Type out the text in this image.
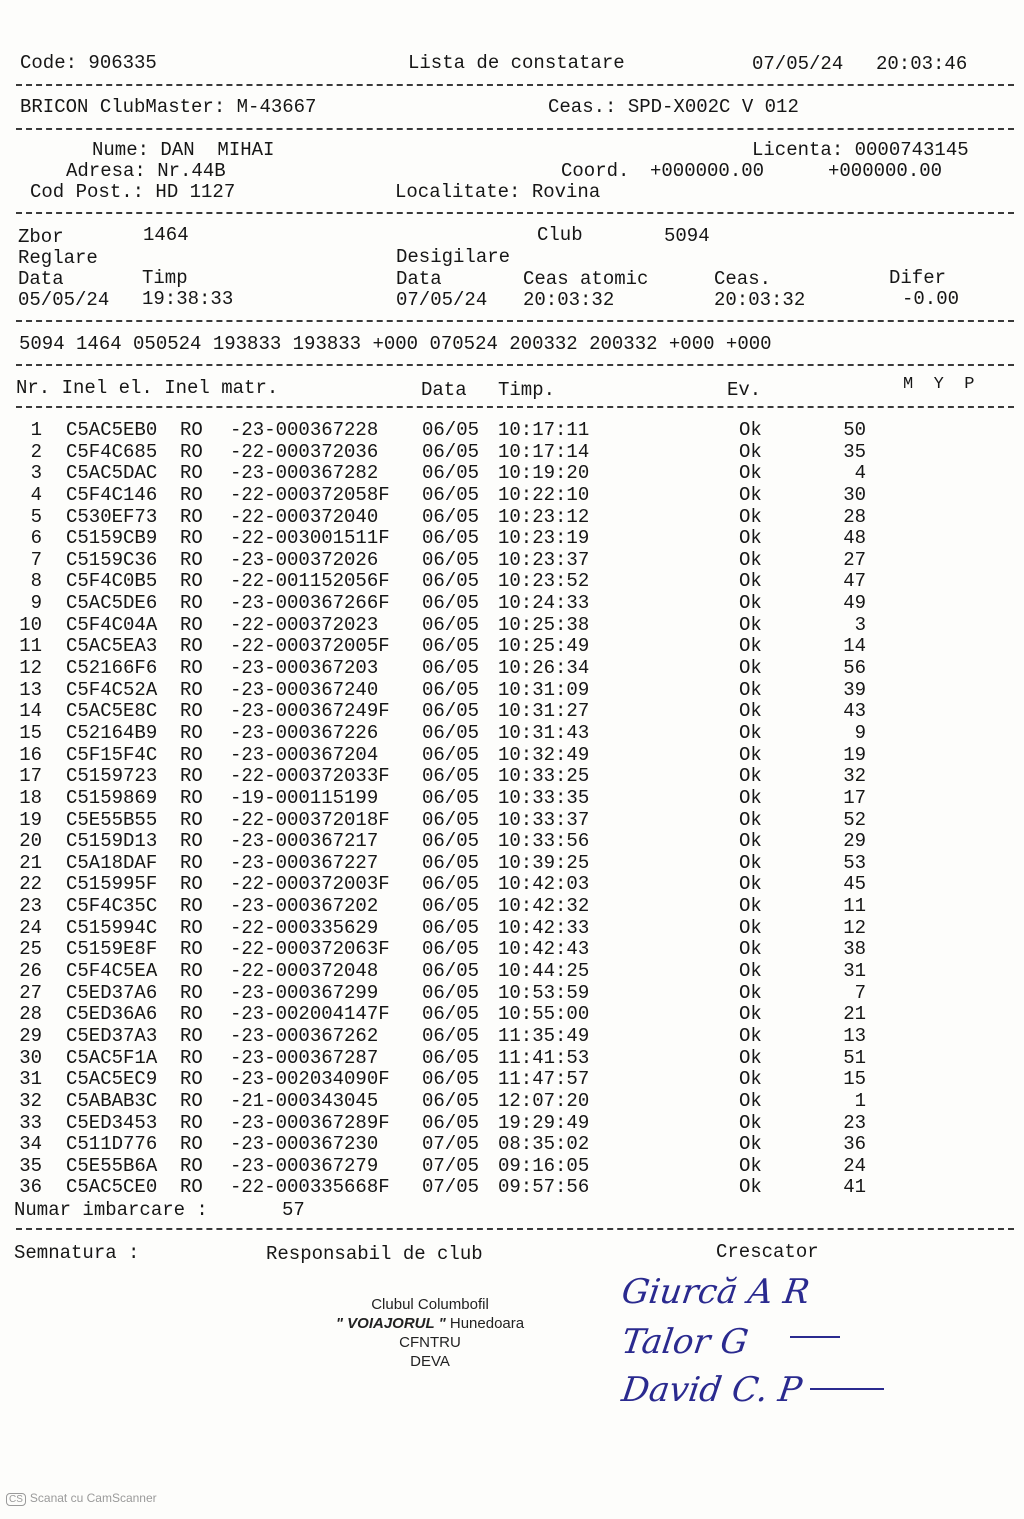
Code: 906335	Lista de constatare	07/05/24 20:03:46
BRICON ClubMaster: M-43667	Ceas.: SPD-X002C V 012
Nume: DAN  MIHAI	Licenta: 0000743145
Adresa: Nr.44B	Coord. +000000.00	+000000.00
Cod Post.: HD 1127	Localitate: Rovina
Zbor	1464	Club	5094
Reglare	Desigilare
Data	Timp	Data	Ceas atomic	Ceas.	Difer
05/05/24 19:38:33	07/05/24 20:03:32	20:03:32	-0.00
5094 1464 050524 193833 193833 +000 070524 200332 200332 +000 +000
Nr. Inel el. Inel matr.	Data Timp.	Ev.	M  Y  P
1 C5AC5EB0 RO -23-000367228 06/05 10:17:11	Ok	50
2 C5F4C685 RO -22-000372036 06/05 10:17:14	Ok	35
3 C5AC5DAC RO -23-000367282 06/05 10:19:20	Ok	4
4 C5F4C146 RO -22-000372058F 06/05 10:22:10	Ok	30
5 C530EF73 RO -22-000372040 06/05 10:23:12	Ok	28
6 C5159CB9 RO -22-003001511F 06/05 10:23:19	Ok	48
7 C5159C36 RO -23-000372026 06/05 10:23:37	Ok	27
8 C5F4C0B5 RO -22-001152056F 06/05 10:23:52	Ok	47
9 C5AC5DE6 RO -23-000367266F 06/05 10:24:33	Ok	49
10 C5F4C04A RO -22-000372023 06/05 10:25:38	Ok	3
11 C5AC5EA3 RO -22-000372005F 06/05 10:25:49	Ok	14
12 C52166F6 RO -23-000367203 06/05 10:26:34	Ok	56
13 C5F4C52A RO -23-000367240 06/05 10:31:09	Ok	39
14 C5AC5E8C RO -23-000367249F 06/05 10:31:27	Ok	43
15 C52164B9 RO -23-000367226 06/05 10:31:43	Ok	9
16 C5F15F4C RO -23-000367204 06/05 10:32:49	Ok	19
17 C5159723 RO -22-000372033F 06/05 10:33:25	Ok	32
18 C5159869 RO -19-000115199 06/05 10:33:35	Ok	17
19 C5E55B55 RO -22-000372018F 06/05 10:33:37	Ok	52
20 C5159D13 RO -23-000367217 06/05 10:33:56	Ok	29
21 C5A18DAF RO -23-000367227 06/05 10:39:25	Ok	53
22 C515995F RO -22-000372003F 06/05 10:42:03	Ok	45
23 C5F4C35C RO -23-000367202 06/05 10:42:32	Ok	11
24 C515994C RO -22-000335629 06/05 10:42:33	Ok	12
25 C5159E8F RO -22-000372063F 06/05 10:42:43	Ok	38
26 C5F4C5EA RO -22-000372048 06/05 10:44:25	Ok	31
27 C5ED37A6 RO -23-000367299 06/05 10:53:59	Ok	7
28 C5ED36A6 RO -23-002004147F 06/05 10:55:00	Ok	21
29 C5ED37A3 RO -23-000367262 06/05 11:35:49	Ok	13
30 C5AC5F1A RO -23-000367287 06/05 11:41:53	Ok	51
31 C5AC5EC9 RO -23-002034090F 06/05 11:47:57	Ok	15
32 C5ABAB3C RO -21-000343045 06/05 12:07:20	Ok	1
33 C5ED3453 RO -23-000367289F 06/05 19:29:49	Ok	23
34 C511D776 RO -23-000367230 07/05 08:35:02	Ok	36
35 C5E55B6A RO -23-000367279 07/05 09:16:05	Ok	24
36 C5AC5CE0 RO -22-000335668F 07/05 09:57:56	Ok	41
Numar imbarcare :	57
Semnatura :	Responsabil de club	Crescator
Clubul Columbofil
" VOIAJORUL " Hunedoara
CFNTRU
DEVA
Giurcă A R
Talor G
David C. P
CS Scanat cu CamScanner
